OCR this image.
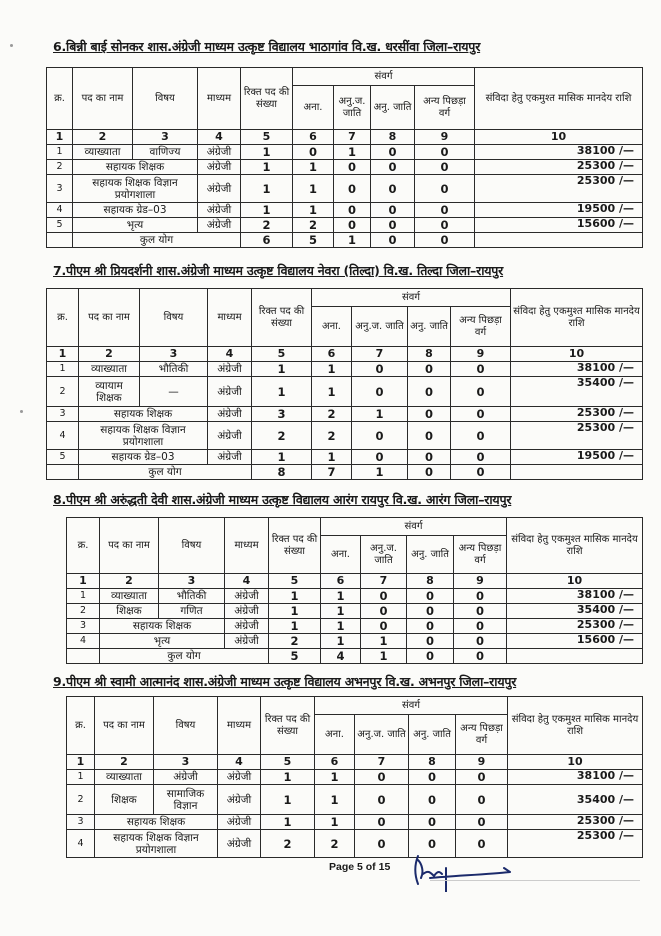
6.बिन्नी बाई सोनकर शास.अंग्रेजी माध्यम उत्कृष्ट विद्यालय भाठागांव वि.ख. धरसींवा जिला–रायपुर
क्र.	पद का नाम	विषय	माध्यम	रिक्त पद की संख्या	संवर्ग				संविदा हेतु एकमुश्त मासिक मानदेय राशि
					अना.	अनु.ज. जाति	अनु. जाति	अन्य पिछड़ा वर्ग	
1	2	3	4	5	6	7	8	9	10
1	व्याख्याता	वाणिज्य	अंग्रेजी	1	0	1	0	0	38100 /—
2	सहायक शिक्षक		अंग्रेजी	1	1	0	0	0	25300 /—
3	सहायक शिक्षक विज्ञान प्रयोगशाला		अंग्रेजी	1	1	0	0	0	25300 /—
4	सहायक ग्रेड–03		अंग्रेजी	1	1	0	0	0	19500 /—
5	भृत्य		अंग्रेजी	2	2	0	0	0	15600 /—
	कुल योग			6	5	1	0	0	
7.पीएम श्री प्रियदर्शनी शास.अंग्रेजी माध्यम उत्कृष्ट विद्यालय नेवरा (तिल्दा) वि.ख. तिल्दा जिला–रायपुर
क्र.	पद का नाम	विषय	माध्यम	रिक्त पद की संख्या	संवर्ग				संविदा हेतु एकमुश्त मासिक मानदेय राशि
					अना.	अनु.ज. जाति	अनु. जाति	अन्य पिछड़ा वर्ग	
1	2	3	4	5	6	7	8	9	10
1	व्याख्याता	भौतिकी	अंग्रेजी	1	1	0	0	0	38100 /—
2	व्यायाम शिक्षक	—	अंग्रेजी	1	1	0	0	0	35400 /—
3	सहायक शिक्षक		अंग्रेजी	3	2	1	0	0	25300 /—
4	सहायक शिक्षक विज्ञान प्रयोगशाला		अंग्रेजी	2	2	0	0	0	25300 /—
5	सहायक ग्रेड–03		अंग्रेजी	1	1	0	0	0	19500 /—
	कुल योग			8	7	1	0	0	
8.पीएम श्री अरुंद्धती देवी शास.अंग्रेजी माध्यम उत्कृष्ट विद्यालय आरंग रायपुर वि.ख. आरंग जिला–रायपुर
क्र.	पद का नाम	विषय	माध्यम	रिक्त पद की संख्या	संवर्ग				संविदा हेतु एकमुश्त मासिक मानदेय राशि
					अना.	अनु.ज. जाति	अनु. जाति	अन्य पिछड़ा वर्ग	
1	2	3	4	5	6	7	8	9	10
1	व्याख्याता	भौतिकी	अंग्रेजी	1	1	0	0	0	38100 /—
2	शिक्षक	गणित	अंग्रेजी	1	1	0	0	0	35400 /—
3	सहायक शिक्षक		अंग्रेजी	1	1	0	0	0	25300 /—
4	भृत्य		अंग्रेजी	2	1	1	0	0	15600 /—
	कुल योग			5	4	1	0	0	
9.पीएम श्री स्वामी आत्मानंद शास.अंग्रेजी माध्यम उत्कृष्ट विद्यालय अभनपुर वि.ख. अभनपुर जिला–रायपुर
क्र.	पद का नाम	विषय	माध्यम	रिक्त पद की संख्या	संवर्ग				संविदा हेतु एकमुश्त मासिक मानदेय राशि
					अना.	अनु.ज. जाति	अनु. जाति	अन्य पिछड़ा वर्ग	
1	2	3	4	5	6	7	8	9	10
1	व्याख्याता	अंग्रेजी	अंग्रेजी	1	1	0	0	0	38100 /—
2	शिक्षक	सामाजिक विज्ञान	अंग्रेजी	1	1	0	0	0	35400 /—
3	सहायक शिक्षक		अंग्रेजी	1	1	0	0	0	25300 /—
4	सहायक शिक्षक विज्ञान प्रयोगशाला		अंग्रेजी	2	2	0	0	0	25300 /—
Page 5 of 15
